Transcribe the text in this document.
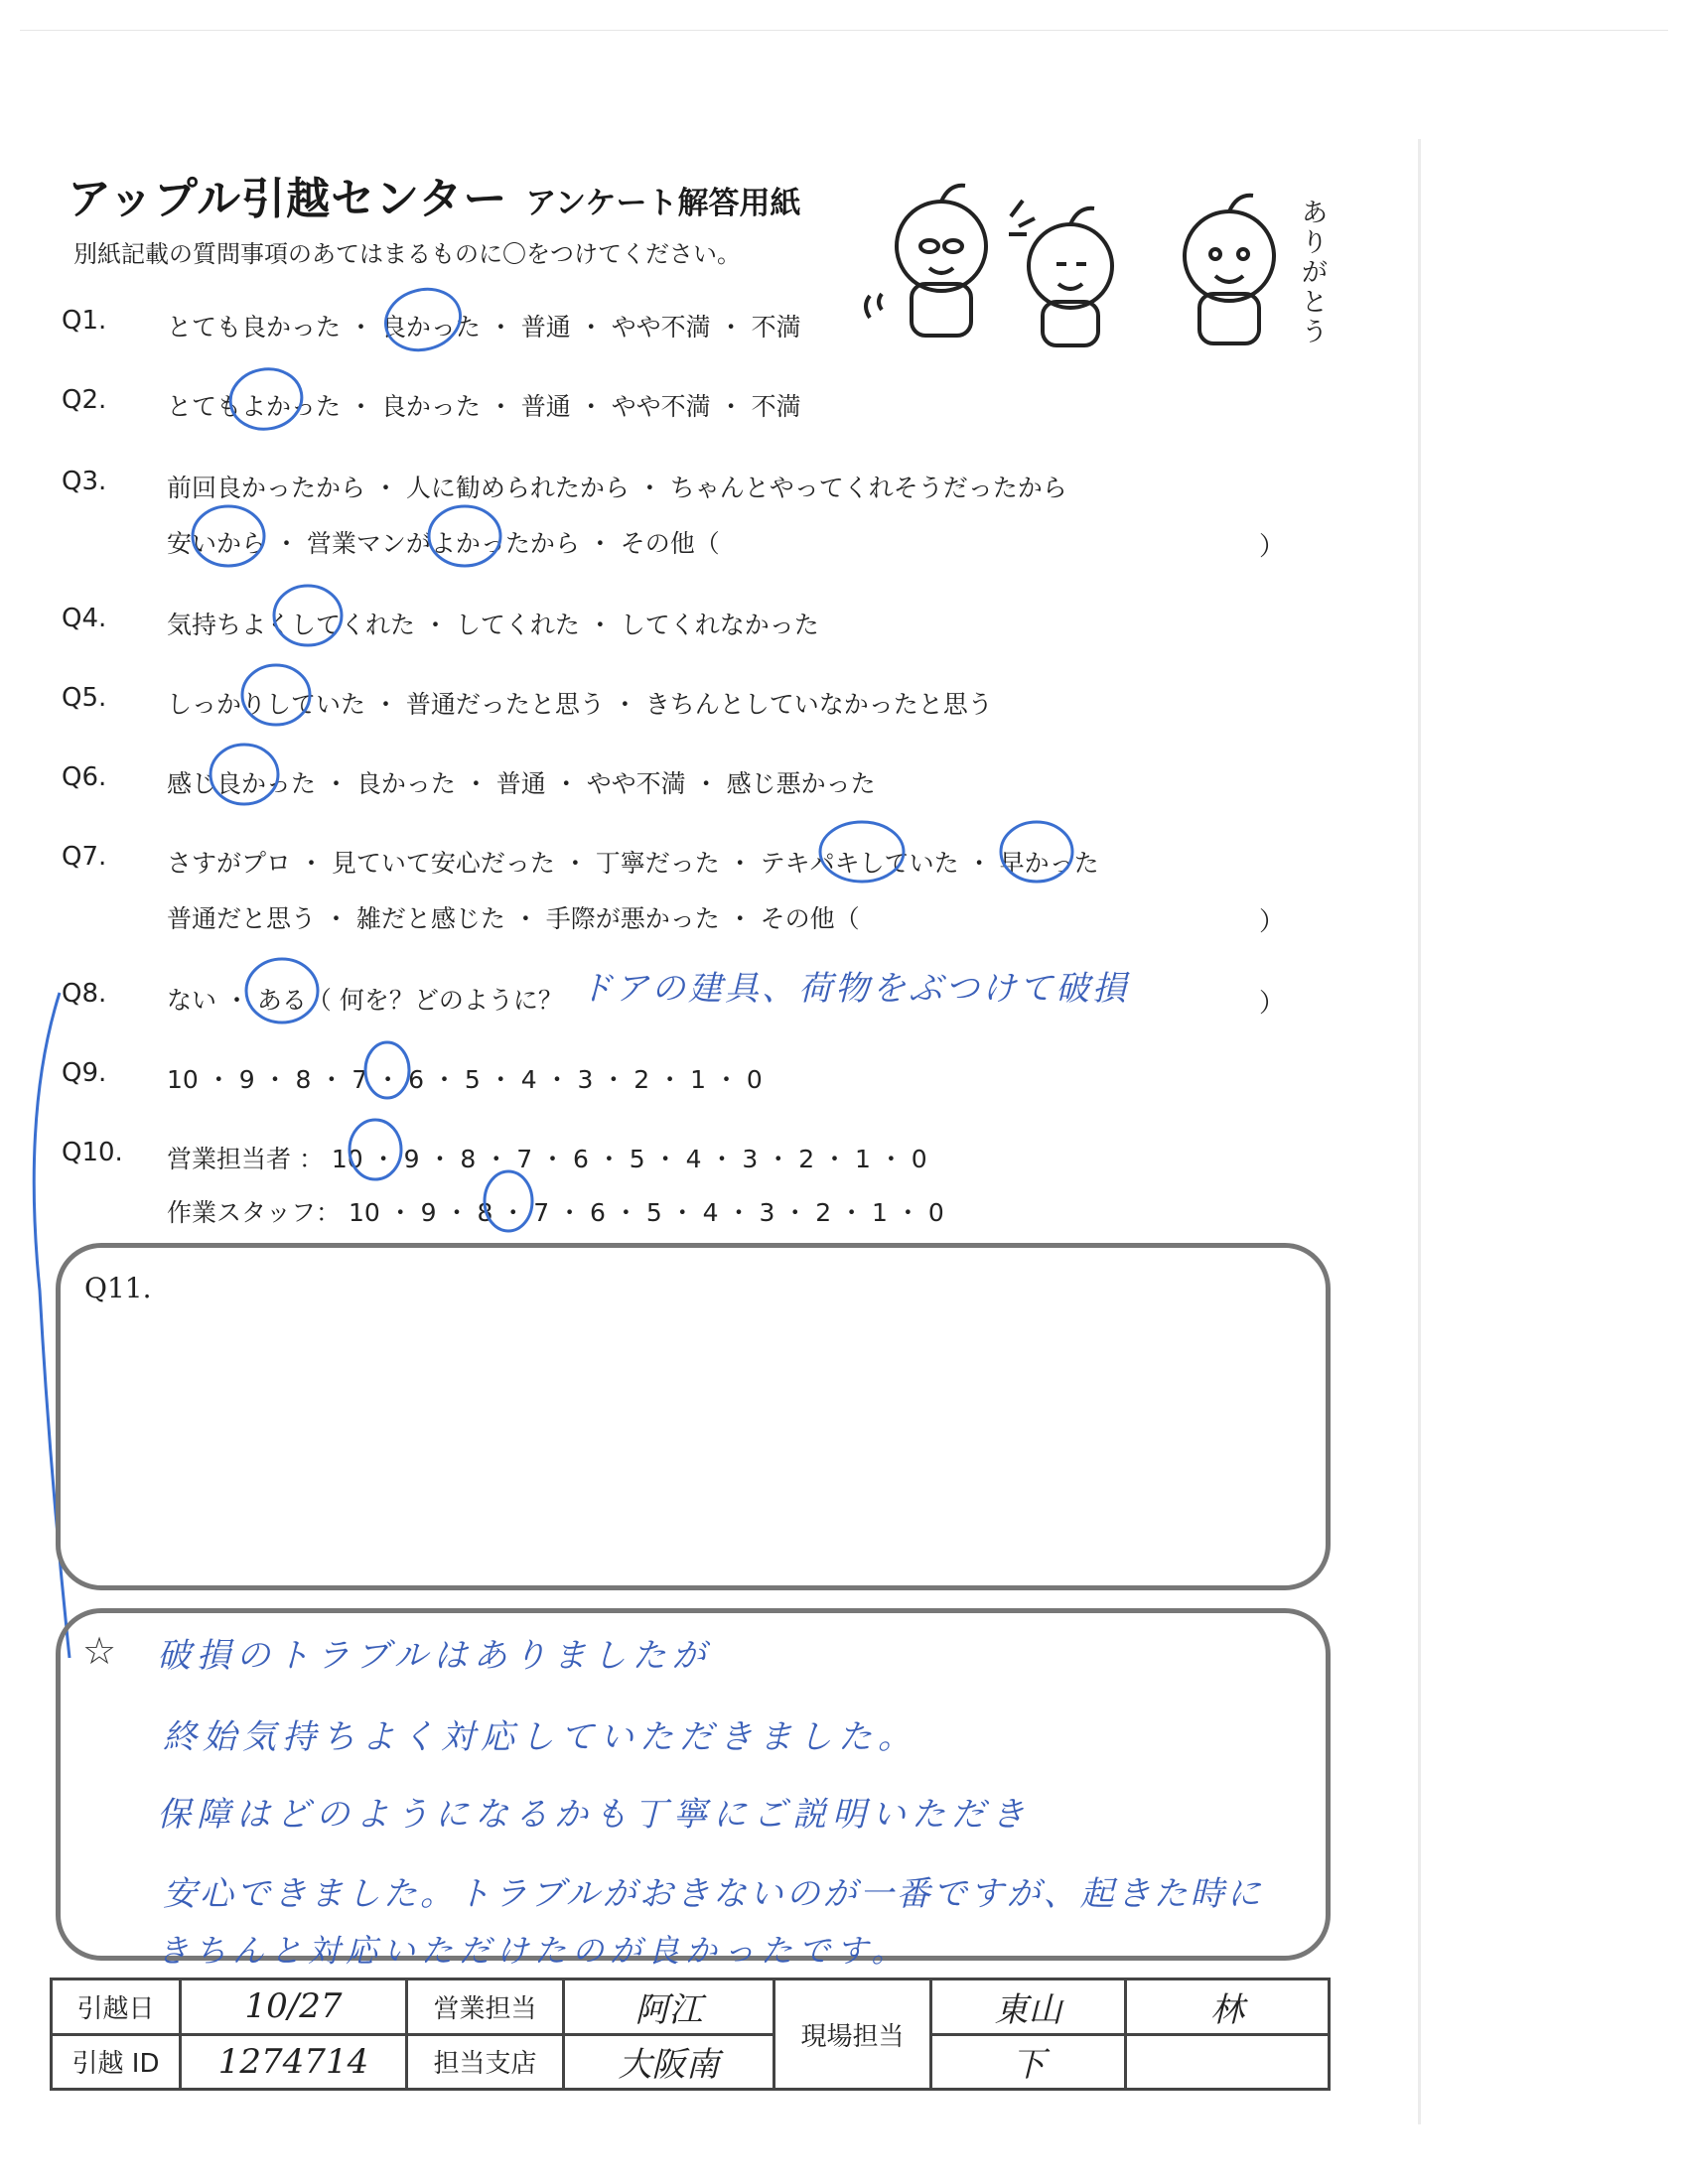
アップル引越センター アンケート解答用紙
別紙記載の質問事項のあてはまるものに〇をつけてください。
ありがとう
Q1. とても良かった ・ 良かった ・ 普通 ・ やや不満 ・ 不満
Q2. とてもよかった ・ 良かった ・ 普通 ・ やや不満 ・ 不満
Q3. 前回良かったから ・ 人に勧められたから ・ ちゃんとやってくれそうだったから
安いから ・ 営業マンがよかったから ・ その他（	）
Q4. 気持ちよくしてくれた ・ してくれた ・ してくれなかった
Q5. しっかりしていた ・ 普通だったと思う ・ きちんとしていなかったと思う
Q6. 感じ良かった ・ 良かった ・ 普通 ・ やや不満 ・ 感じ悪かった
Q7. さすがプロ ・ 見ていて安心だった ・ 丁寧だった ・ テキパキしていた ・ 早かった
普通だと思う ・ 雑だと感じた ・ 手際が悪かった ・ その他（	）
Q8. ない ・ ある（ 何を？どのように？ ドアの建具、荷物をぶつけて破損	）
Q9. 10 ・ 9 ・ 8 ・ 7 ・ 6 ・ 5 ・ 4 ・ 3 ・ 2 ・ 1 ・ 0
Q10. 営業担当者 ： 10 ・ 9 ・ 8 ・ 7 ・ 6 ・ 5 ・ 4 ・ 3 ・ 2 ・ 1 ・ 0
作業スタッフ： 10 ・ 9 ・ 8 ・ 7 ・ 6 ・ 5 ・ 4 ・ 3 ・ 2 ・ 1 ・ 0
Q11.
☆ 破損のトラブルはありましたが
終始気持ちよく対応していただきました。
保障はどのようになるかも丁寧にご説明いただき
安心できました。トラブルがおきないのが一番ですが、起きた時に
きちんと対応いただけたのが良かったです。
引越日	10/27	営業担当	阿江	現場担当	東山	林
引越 ID	1274714	担当支店	大阪南		下	
